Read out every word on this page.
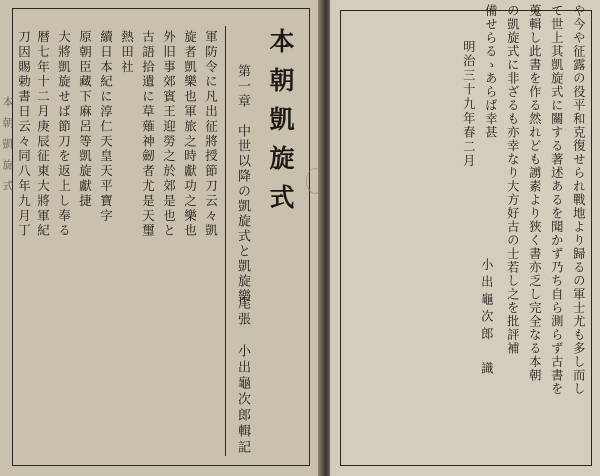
本朝凱旋式
第一章　中世以降の凱旋式と凱旋樂
尾張　小出龜次郎輯記
軍防令に凡出征將授節刀云々凱
旋者凱樂也軍旅之時獻功之樂也
外旧事郊賓王迎勞之於郊是也と
古語拾遺に草薙神劒者尤是天璽
熱田社
續日本紀に淳仁天皇天平寶字
原朝臣藏下麻呂等凱旋獻捷
大將凱旋せば節刀を返上し奉る
暦七年十二月庚辰征東大將軍紀
刀因賜勅書日云々同八年九月丁
本朝凱旋式	や今や征露の役平和克復せられ戰地より歸るの軍士尤も多し而し
て世上其凱旋式に關する著述あるを聞かず乃ち自ら測らず古書を
蒐輯し此書を作る然れども謭素より狹く書亦乏し完全なる本朝
の凱旋式に非ざるも亦幸なり大方好古の士若し之を批評補
備せらるゝあらば幸甚
明治三十九年春二月
小出龜次郎　識
